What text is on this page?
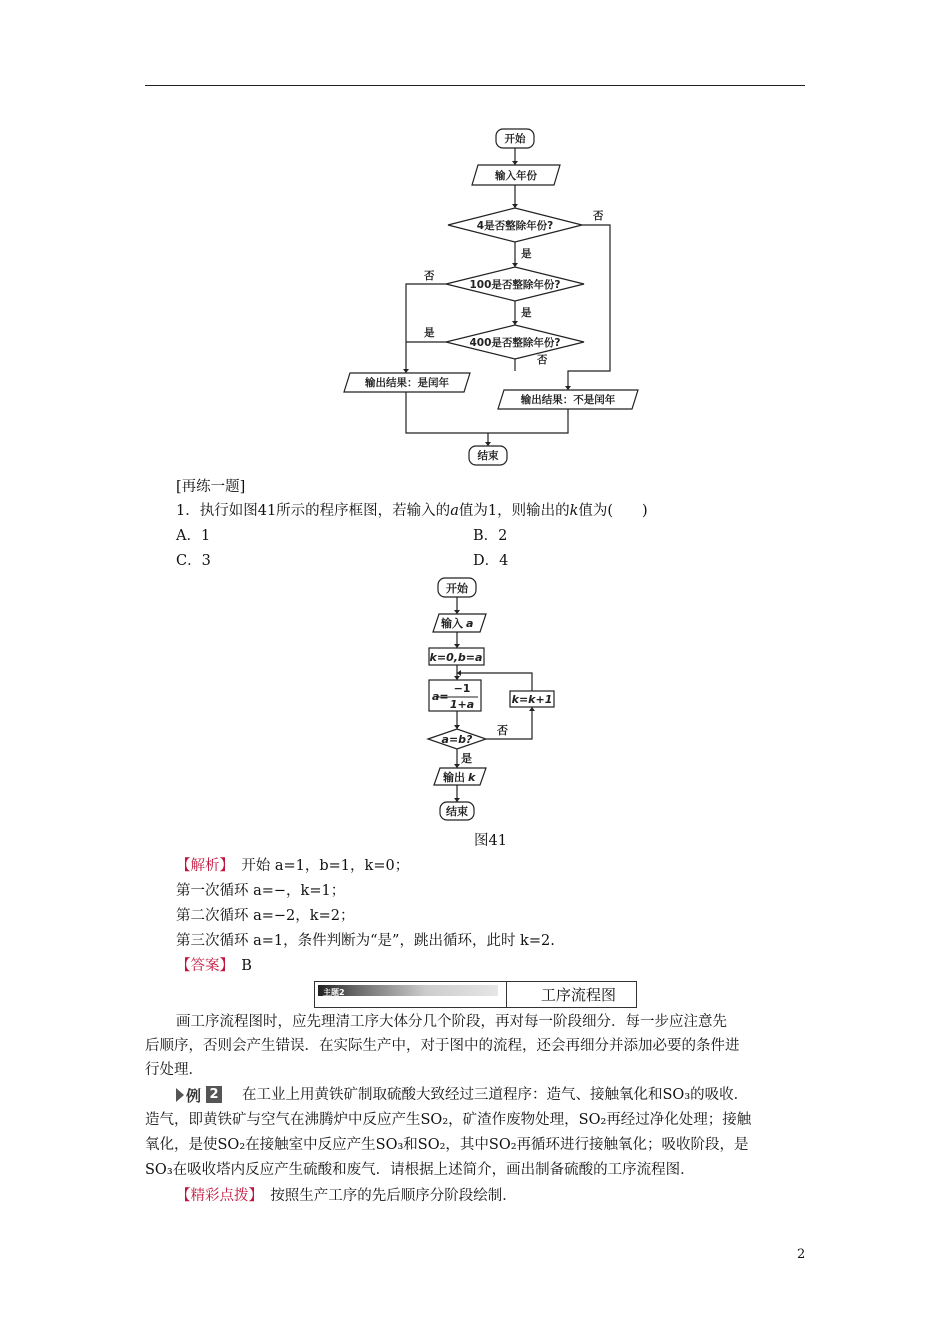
开始
输入年份
4是否整除年份?
100是否整除年份?
400是否整除年份?
输出结果：是闰年
输出结果：不是闰年
结束
是
是
是
否
否
否
[再练一题]
1．执行如图41所示的程序框图，若输入的a值为1，则输出的k值为(　　)
A．1	B．2
C．3	D．4
开始
输入 a
k=0,b=a
a=
−1
1+a	k=k+1
a=b?
否
是
输出 k
结束
图41
【解析】　 开始 a=1，b=1，k=0；
第一次循环 a=−，k=1；
第二次循环 a=−2，k=2；
第三次循环 a=1，条件判断为“是”，跳出循环，此时 k=2.
【答案】　 B
主题2	工序流程图
画工序流程图时，应先理清工序大体分几个阶段，再对每一阶段细分．每一步应注意先
后顺序，否则会产生错误．在实际生产中，对于图中的流程，还会再细分并添加必要的条件进
行处理．
例 2 在工业上用黄铁矿制取硫酸大致经过三道程序：造气、接触氧化和SO₃的吸收．
造气，即黄铁矿与空气在沸腾炉中反应产生SO₂，矿渣作废物处理，SO₂再经过净化处理；接触
氧化，是使SO₂在接触室中反应产生SO₃和SO₂，其中SO₂再循环进行接触氧化；吸收阶段，是
SO₃在吸收塔内反应产生硫酸和废气．请根据上述简介，画出制备硫酸的工序流程图．
【精彩点拨】　 按照生产工序的先后顺序分阶段绘制．
2
